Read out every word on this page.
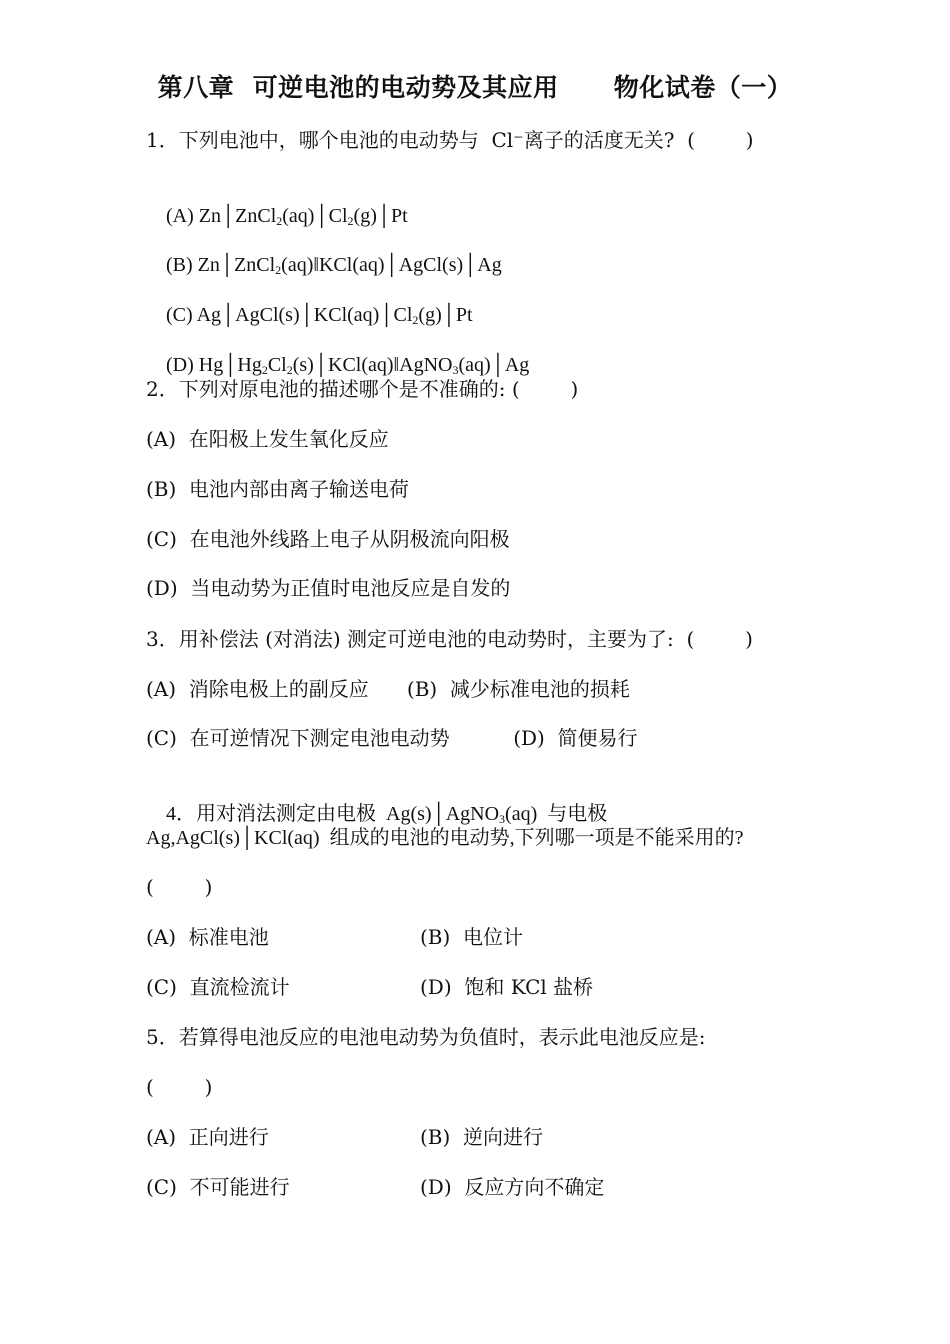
第八章  可逆电池的电动势及其应用      物化试卷（一）
1．下列电池中，哪个电池的电动势与  Cl⁻离子的活度无关?  (        )

(A) $Zn│ZnCl_2(aq)│Cl_2(g)│Pt$

(B) Zn│ZnCl$_2$(aq)‖KCl(aq)│AgCl(s)│Ag

(C) $Ag│AgCl(s)│KCl(aq)│Cl_2(g)│Pt$

(D) $Hg│Hg_2Cl_2(s)│KCl(aq)‖AgNO_3(aq)│Ag$

2．下列对原电池的描述哪个是不准确的: (        )
(A)  在阳极上发生氧化反应
(B)  电池内部由离子输送电荷
(C)  在电池外线路上电子从阴极流向阳极
(D)  当电动势为正值时电池反应是自发的
3．用补偿法 (对消法) 测定可逆电池的电动势时，主要为了:  (        )
(A)  消除电极上的副反应      (B)  减少标准电池的损耗
(C)  在可逆情况下测定电池电动势          (D)  简便易行

4．用对消法测定由电极  Ag(s)│AgNO$_3$(aq)  与电极

Ag,AgCl(s)│KCl(aq)  组成的电池的电动势,下列哪一项是不能采用的?
(        )
(A)  标准电池	(B)  电位计
(C)  直流检流计	(D)  饱和 KCl 盐桥
5．若算得电池反应的电池电动势为负值时，表示此电池反应是:
(        )
(A)  正向进行	(B)  逆向进行
(C)  不可能进行	(D)  反应方向不确定
